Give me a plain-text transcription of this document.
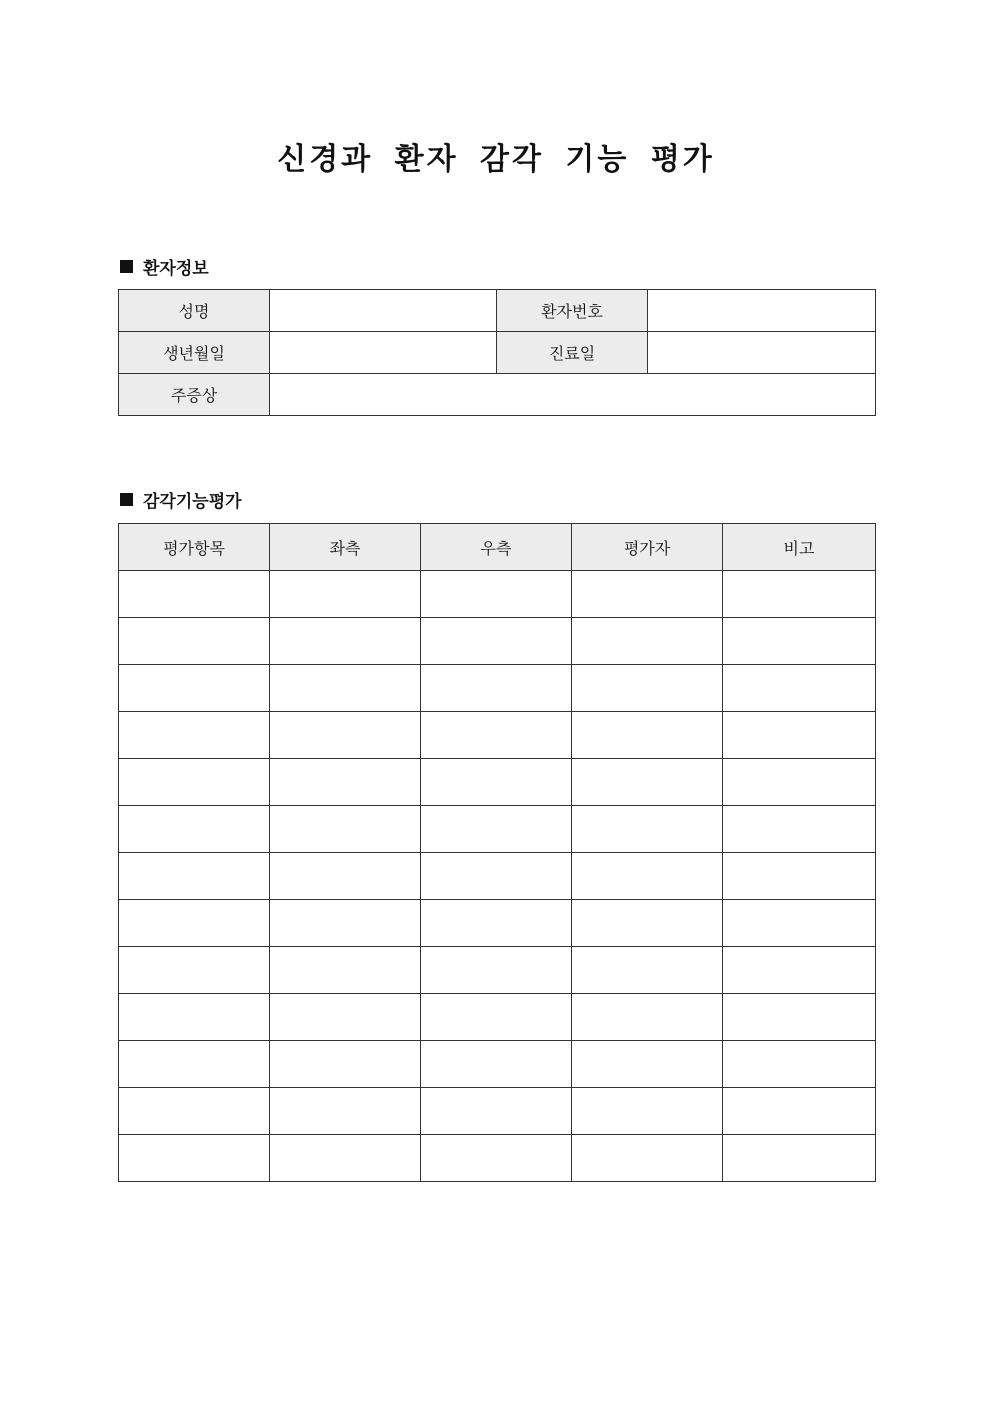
신경과 환자 감각 기능 평가
환자정보
성명		환자번호	
생년월일		진료일	
주증상			
감각기능평가
평가항목	좌측	우측	평가자	비고
